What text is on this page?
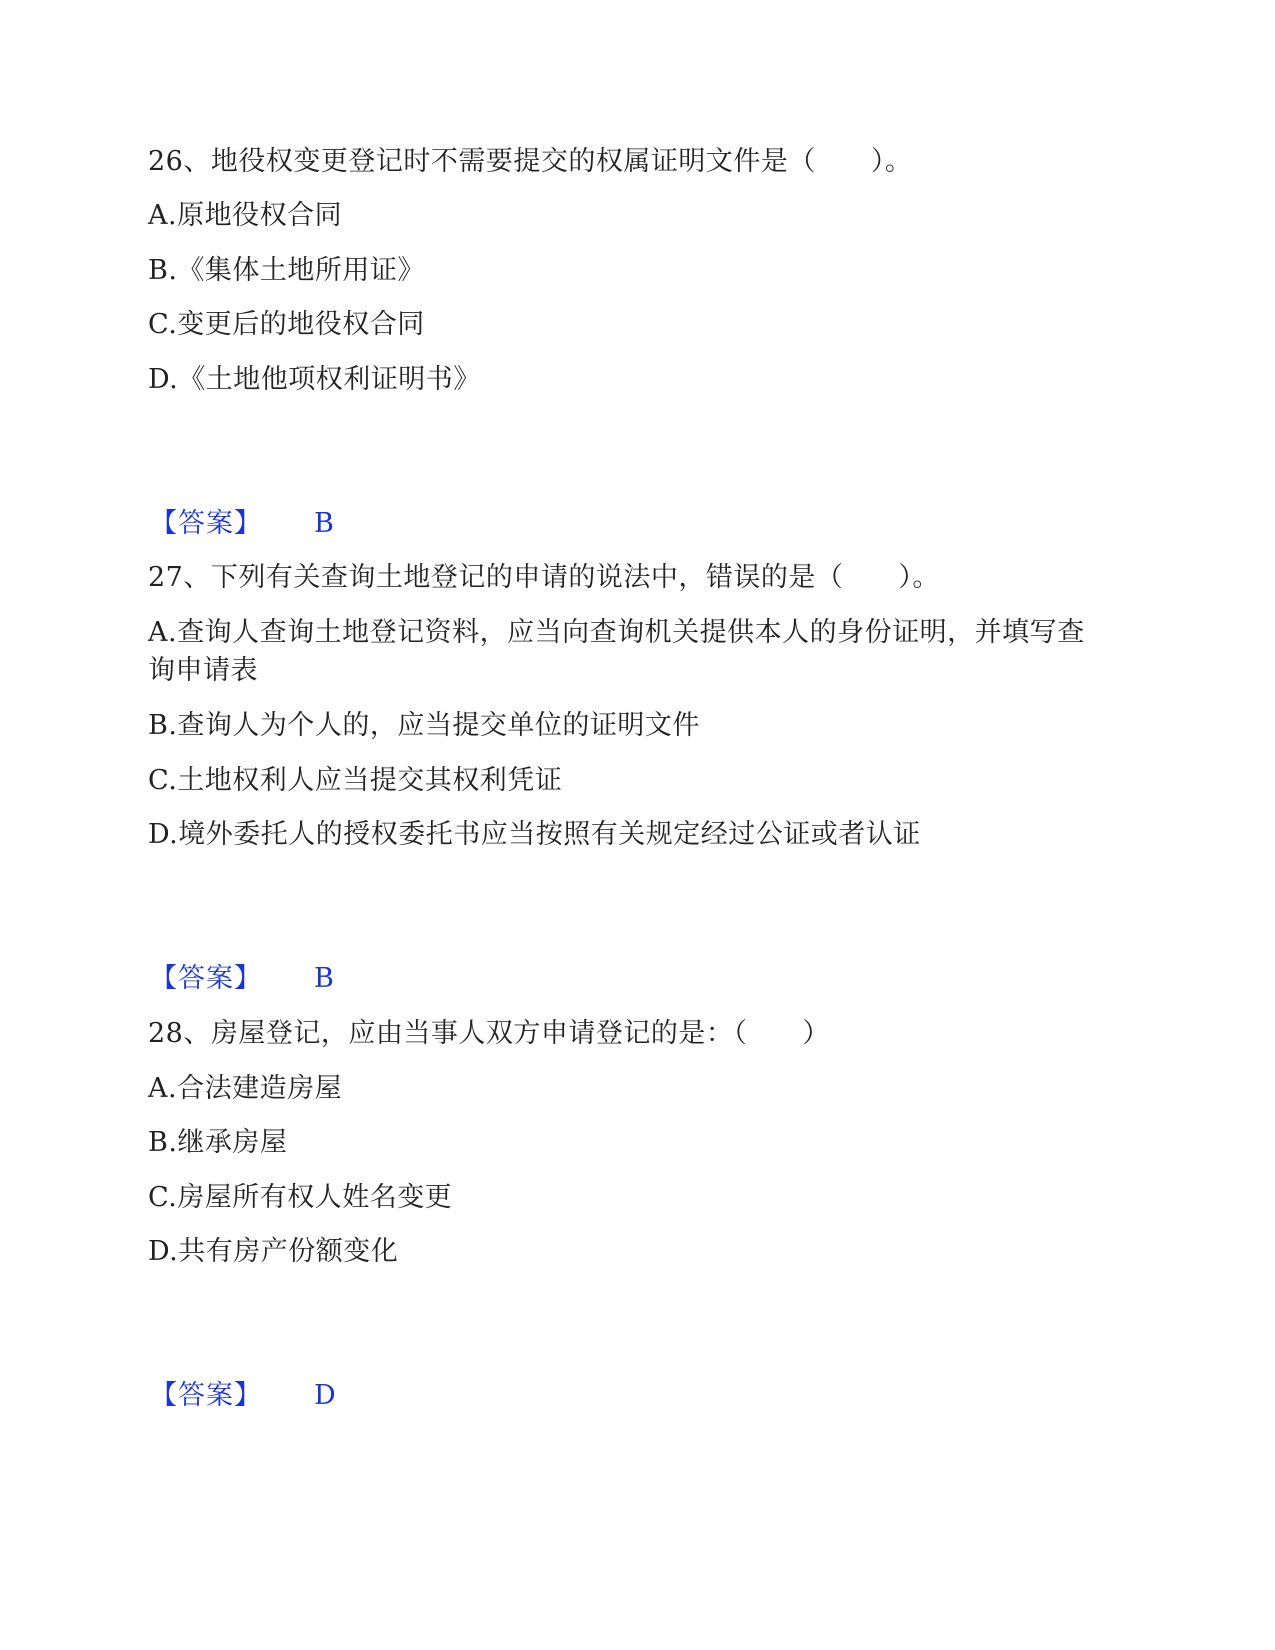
26、地役权变更登记时不需要提交的权属证明文件是（　　）。
A.原地役权合同
B.《集体土地所用证》
C.变更后的地役权合同
D.《土地他项权利证明书》
【答案】 B
27、下列有关查询土地登记的申请的说法中，错误的是（　　）。
A.查询人查询土地登记资料，应当向查询机关提供本人的身份证明，并填写查询申请表
B.查询人为个人的，应当提交单位的证明文件
C.土地权利人应当提交其权利凭证
D.境外委托人的授权委托书应当按照有关规定经过公证或者认证
【答案】 B
28、房屋登记，应由当事人双方申请登记的是：（　　）
A.合法建造房屋
B.继承房屋
C.房屋所有权人姓名变更
D.共有房产份额变化
【答案】 D
